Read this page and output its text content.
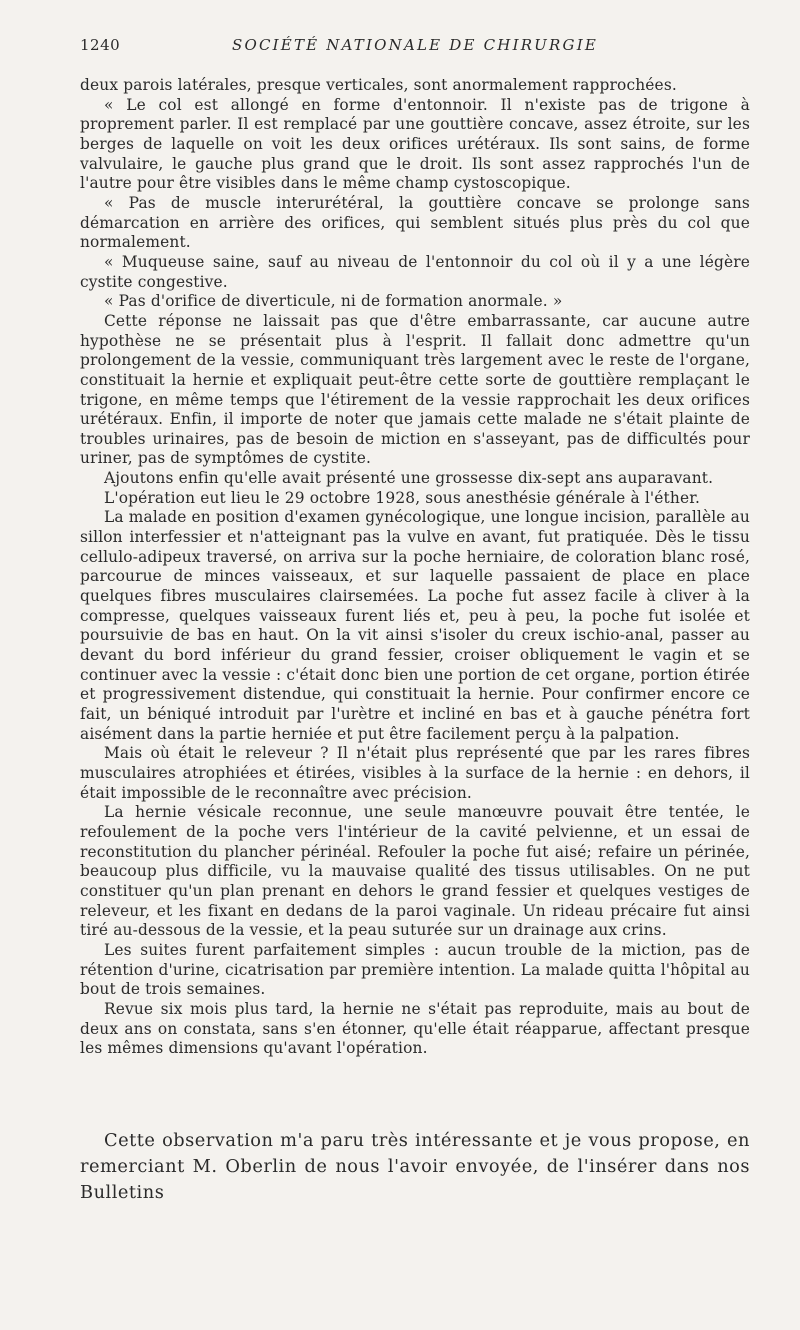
1240	SOCIÉTÉ NATIONALE DE CHIRURGIE

deux parois latérales, presque verticales, sont anormalement rapprochées.

« Le col est allongé en forme d'entonnoir. Il n'existe pas de trigone à proprement parler. Il est remplacé par une gouttière concave, assez étroite, sur les berges de laquelle on voit les deux orifices urétéraux. Ils sont sains, de forme valvulaire, le gauche plus grand que le droit. Ils sont assez rapprochés l'un de l'autre pour être visibles dans le même champ cystoscopique.

« Pas de muscle interurétéral, la gouttière concave se prolonge sans démarcation en arrière des orifices, qui semblent situés plus près du col que normalement.

« Muqueuse saine, sauf au niveau de l'entonnoir du col où il y a une légère cystite congestive.

« Pas d'orifice de diverticule, ni de formation anormale. »

Cette réponse ne laissait pas que d'être embarrassante, car aucune autre hypothèse ne se présentait plus à l'esprit. Il fallait donc admettre qu'un prolongement de la vessie, communiquant très largement avec le reste de l'organe, constituait la hernie et expliquait peut-être cette sorte de gouttière remplaçant le trigone, en même temps que l'étirement de la vessie rapprochait les deux orifices urétéraux. Enfin, il importe de noter que jamais cette malade ne s'était plainte de troubles urinaires, pas de besoin de miction en s'asseyant, pas de difficultés pour uriner, pas de symptômes de cystite.

Ajoutons enfin qu'elle avait présenté une grossesse dix-sept ans auparavant.

L'opération eut lieu le 29 octobre 1928, sous anesthésie générale à l'éther.

La malade en position d'examen gynécologique, une longue incision, parallèle au sillon interfessier et n'atteignant pas la vulve en avant, fut pratiquée. Dès le tissu cellulo-adipeux traversé, on arriva sur la poche herniaire, de coloration blanc rosé, parcourue de minces vaisseaux, et sur laquelle passaient de place en place quelques fibres musculaires clairsemées. La poche fut assez facile à cliver à la compresse, quelques vaisseaux furent liés et, peu à peu, la poche fut isolée et poursuivie de bas en haut. On la vit ainsi s'isoler du creux ischio-anal, passer au devant du bord inférieur du grand fessier, croiser obliquement le vagin et se continuer avec la vessie : c'était donc bien une portion de cet organe, portion étirée et progressivement distendue, qui constituait la hernie. Pour confirmer encore ce fait, un béniqué introduit par l'urètre et incliné en bas et à gauche pénétra fort aisément dans la partie herniée et put être facilement perçu à la palpation.

Mais où était le releveur ? Il n'était plus représenté que par les rares fibres musculaires atrophiées et étirées, visibles à la surface de la hernie : en dehors, il était impossible de le reconnaître avec précision.

La hernie vésicale reconnue, une seule manœuvre pouvait être tentée, le refoulement de la poche vers l'intérieur de la cavité pelvienne, et un essai de reconstitution du plancher périnéal. Refouler la poche fut aisé; refaire un périnée, beaucoup plus difficile, vu la mauvaise qualité des tissus utilisables. On ne put constituer qu'un plan prenant en dehors le grand fessier et quelques vestiges de releveur, et les fixant en dedans de la paroi vaginale. Un rideau précaire fut ainsi tiré au-dessous de la vessie, et la peau suturée sur un drainage aux crins.

Les suites furent parfaitement simples : aucun trouble de la miction, pas de rétention d'urine, cicatrisation par première intention. La malade quitta l'hôpital au bout de trois semaines.

Revue six mois plus tard, la hernie ne s'était pas reproduite, mais au bout de deux ans on constata, sans s'en étonner, qu'elle était réapparue, affectant presque les mêmes dimensions qu'avant l'opération.

Cette observation m'a paru très intéressante et je vous propose, en remerciant M. Oberlin de nous l'avoir envoyée, de l'insérer dans nos Bulletins
